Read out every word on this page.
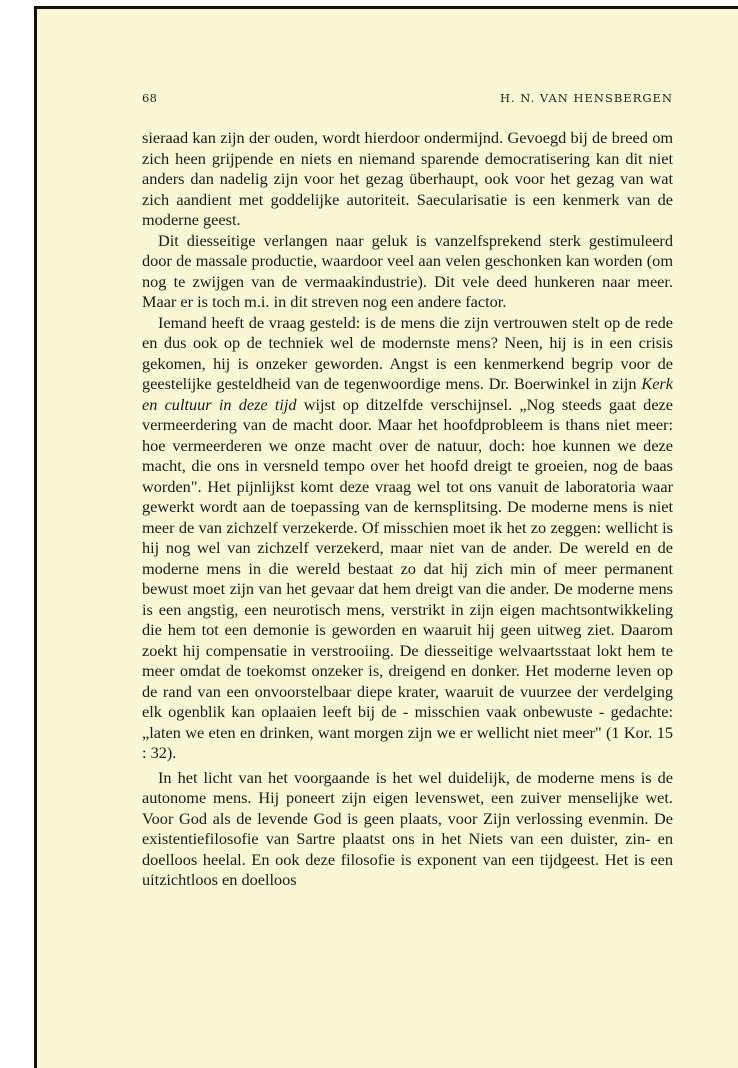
68	H. N. VAN HENSBERGEN

sieraad kan zijn der ouden, wordt hierdoor ondermijnd. Gevoegd bij de breed om zich heen grijpende en niets en niemand sparende democratisering kan dit niet anders dan nadelig zijn voor het gezag überhaupt, ook voor het gezag van wat zich aandient met goddelijke autoriteit. Saecularisatie is een kenmerk van de moderne geest.

Dit diesseitige verlangen naar geluk is vanzelfsprekend sterk gestimuleerd door de massale productie, waardoor veel aan velen geschonken kan worden (om nog te zwijgen van de vermaakindustrie). Dit vele deed hunkeren naar meer. Maar er is toch m.i. in dit streven nog een andere factor.

Iemand heeft de vraag gesteld: is de mens die zijn vertrouwen stelt op de rede en dus ook op de techniek wel de modernste mens? Neen, hij is in een crisis gekomen, hij is onzeker geworden. Angst is een kenmerkend begrip voor de geestelijke gesteldheid van de tegenwoordige mens. Dr. Boerwinkel in zijn Kerk en cultuur in deze tijd wijst op ditzelfde verschijnsel. „Nog steeds gaat deze vermeerdering van de macht door. Maar het hoofdprobleem is thans niet meer: hoe vermeerderen we onze macht over de natuur, doch: hoe kunnen we deze macht, die ons in versneld tempo over het hoofd dreigt te groeien, nog de baas worden". Het pijnlijkst komt deze vraag wel tot ons vanuit de laboratoria waar gewerkt wordt aan de toepassing van de kernsplitsing. De moderne mens is niet meer de van zichzelf verzekerde. Of misschien moet ik het zo zeggen: wellicht is hij nog wel van zichzelf verzekerd, maar niet van de ander. De wereld en de moderne mens in die wereld bestaat zo dat hij zich min of meer permanent bewust moet zijn van het gevaar dat hem dreigt van die ander. De moderne mens is een angstig, een neurotisch mens, verstrikt in zijn eigen machtsontwikkeling die hem tot een demonie is geworden en waaruit hij geen uitweg ziet. Daarom zoekt hij compensatie in verstrooiing. De diesseitige welvaartsstaat lokt hem te meer omdat de toekomst onzeker is, dreigend en donker. Het moderne leven op de rand van een onvoorstelbaar diepe krater, waaruit de vuurzee der verdelging elk ogenblik kan oplaaien leeft bij de - misschien vaak onbewuste - gedachte: „laten we eten en drinken, want morgen zijn we er wellicht niet meer" (1 Kor. 15 : 32).

In het licht van het voorgaande is het wel duidelijk, de moderne mens is de autonome mens. Hij poneert zijn eigen levenswet, een zuiver menselijke wet. Voor God als de levende God is geen plaats, voor Zijn verlossing evenmin. De existentiefilosofie van Sartre plaatst ons in het Niets van een duister, zin- en doelloos heelal. En ook deze filosofie is exponent van een tijdgeest. Het is een uitzichtloos en doelloos
